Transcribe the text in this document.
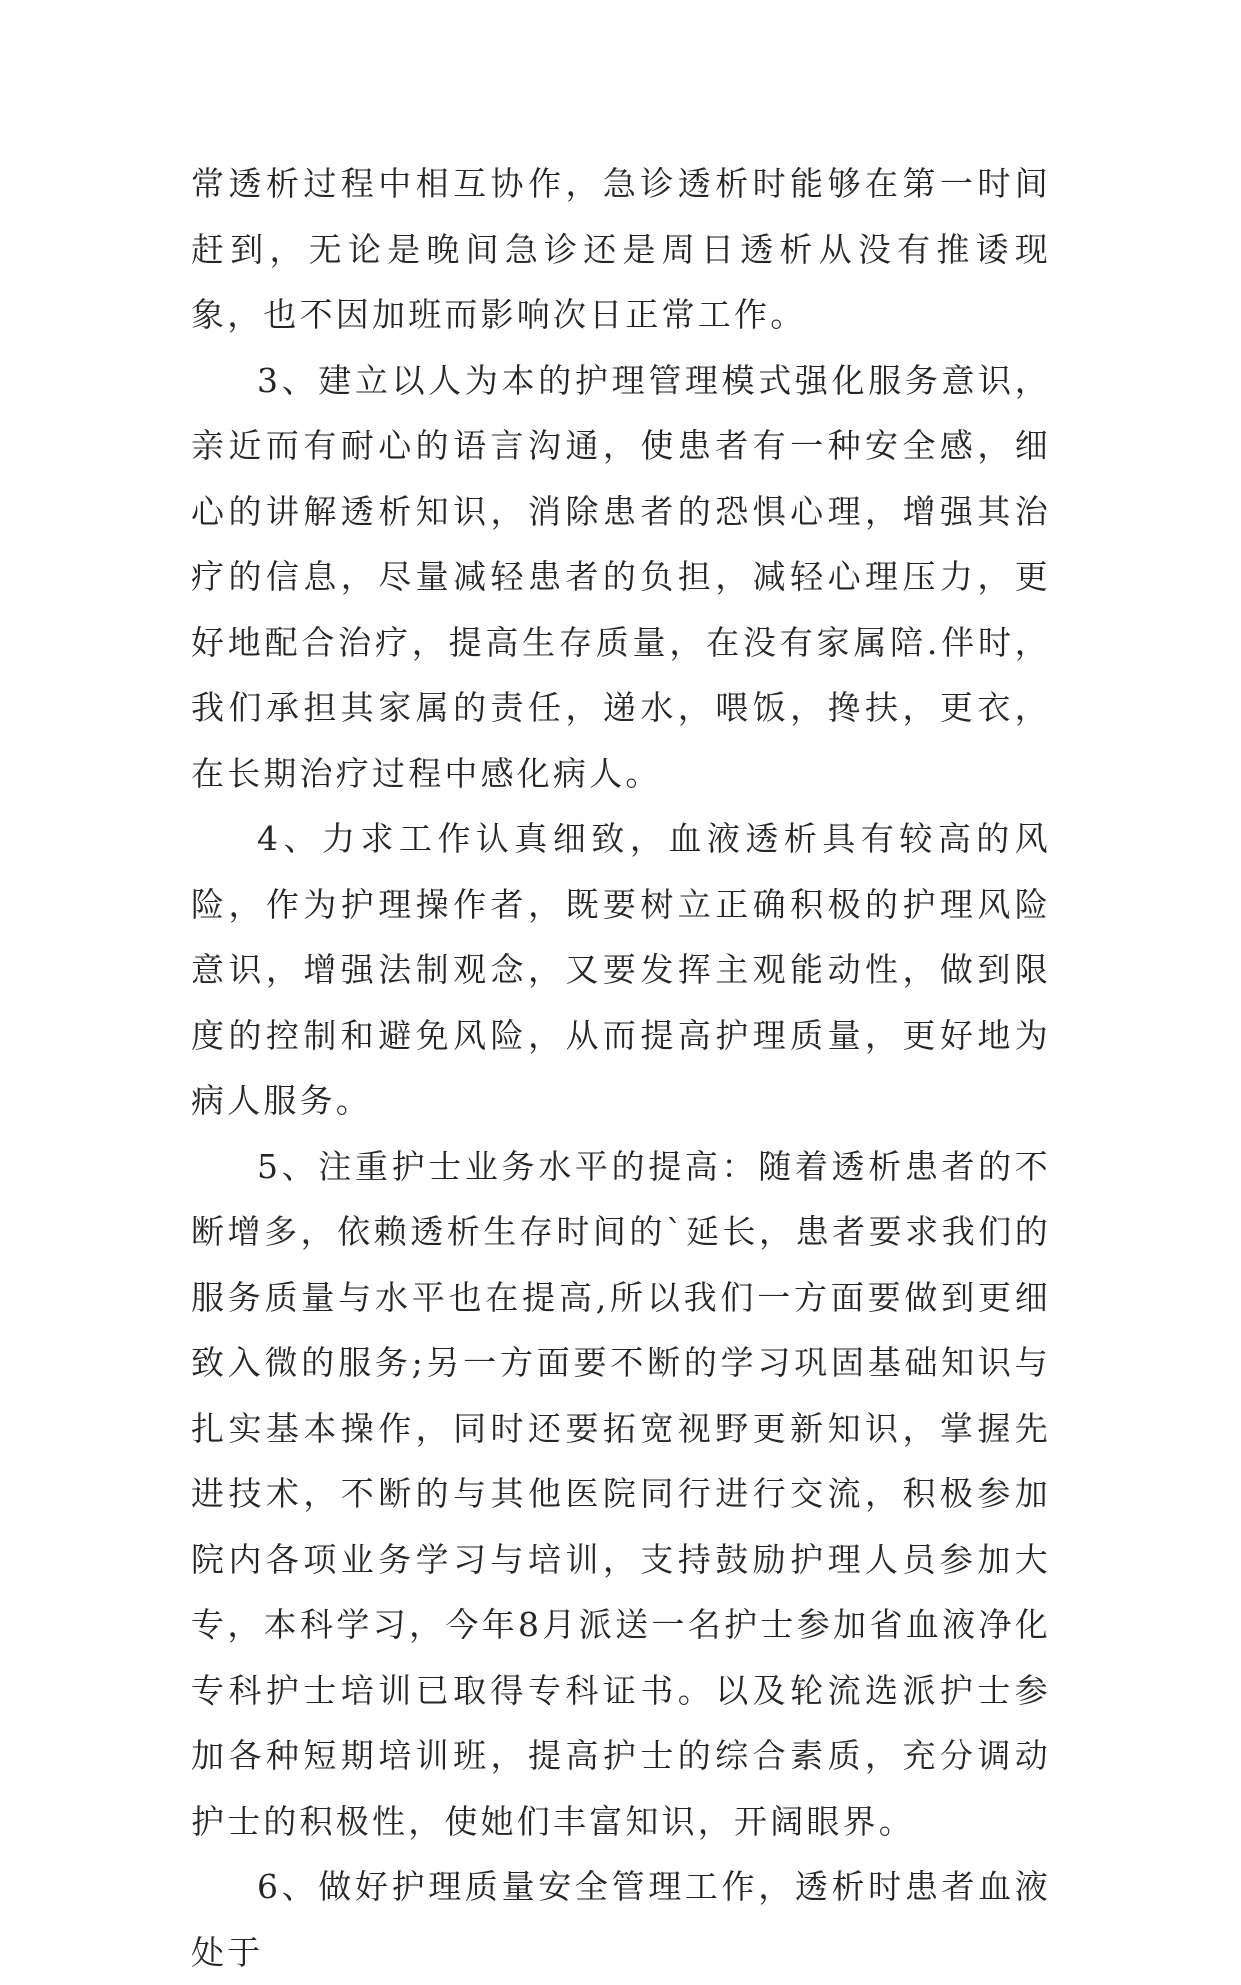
常透析过程中相互协作，急诊透析时能够在第一时间赶到，无论是晚间急诊还是周日透析从没有推诿现象，也不因加班而影响次日正常工作。

3、建立以人为本的护理管理模式强化服务意识，亲近而有耐心的语言沟通，使患者有一种安全感，细心的讲解透析知识，消除患者的恐惧心理，增强其治疗的信息，尽量减轻患者的负担，减轻心理压力，更好地配合治疗，提高生存质量，在没有家属陪.伴时，我们承担其家属的责任，递水，喂饭，搀扶，更衣，在长期治疗过程中感化病人。

4、力求工作认真细致，血液透析具有较高的风险，作为护理操作者，既要树立正确积极的护理风险意识，增强法制观念，又要发挥主观能动性，做到限度的控制和避免风险，从而提高护理质量，更好地为病人服务。

5、注重护士业务水平的提高：随着透析患者的不断增多，依赖透析生存时间的`延长，患者要求我们的服务质量与水平也在提高,所以我们一方面要做到更细致入微的服务;另一方面要不断的学习巩固基础知识与扎实基本操作，同时还要拓宽视野更新知识，掌握先进技术，不断的与其他医院同行进行交流，积极参加院内各项业务学习与培训，支持鼓励护理人员参加大专，本科学习，今年8月派送一名护士参加省血液净化专科护士培训已取得专科证书。以及轮流选派护士参加各种短期培训班，提高护士的综合素质，充分调动护士的积极性，使她们丰富知识，开阔眼界。

6、做好护理质量安全管理工作，透析时患者血液处于
